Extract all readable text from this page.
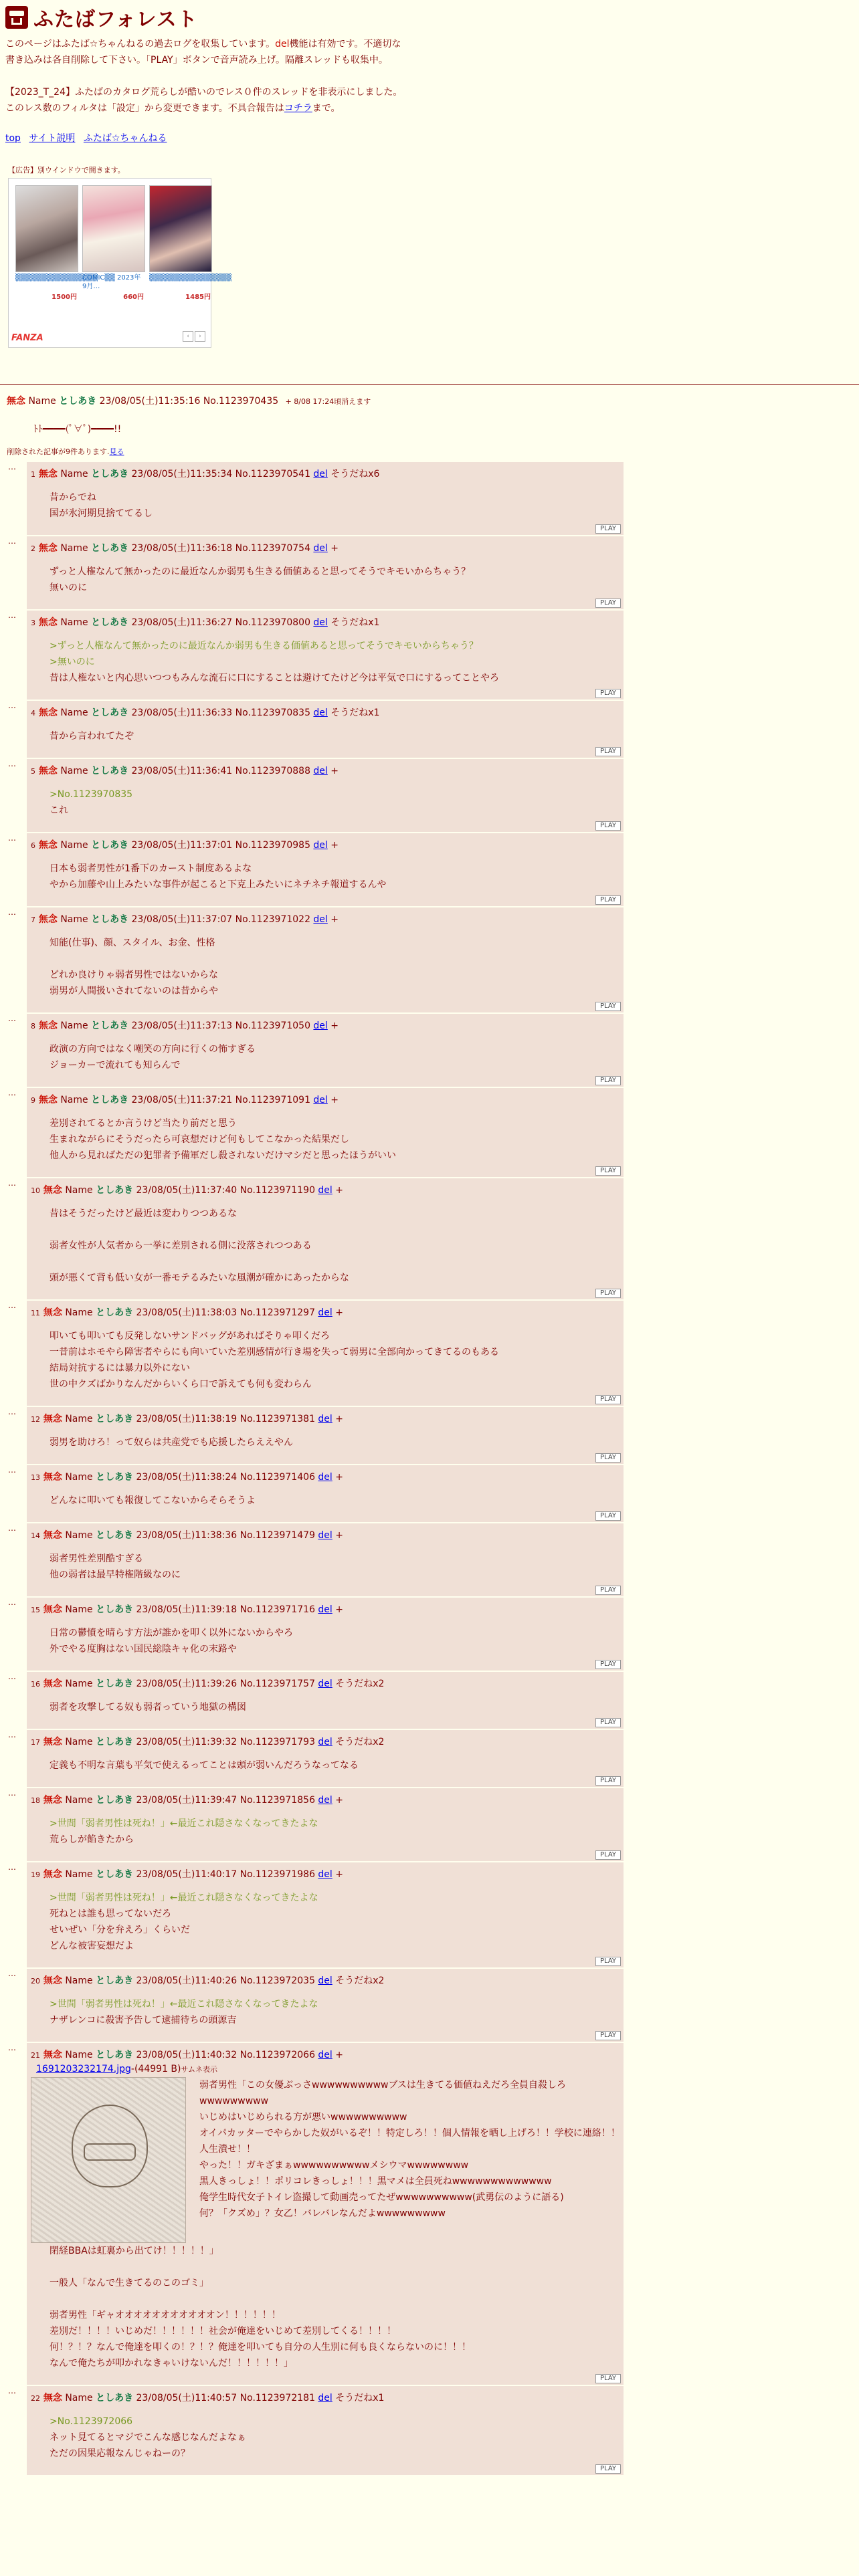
ふたばフォレスト

このページはふたば☆ちゃんねるの過去ログを収集しています。del機能は有効です。不適切な書き込みは各自削除して下さい。「PLAY」ボタンで音声読み上げ。隔離スレッドも収集中。

【2023_T_24】ふたばのカタログ荒らしが酷いのでレス０件のスレッドを非表示にしました。このレス数のフィルタは「設定」から変更できます。不具合報告はコチラまで。

top サイト説明 ふたば☆ちゃんねる
【広告】別ウインドウで開きます。
▒▒▒▒▒▒▒▒▒▒▒▒▒▒▒▒
1500円
COMIC▒▒ 2023年9月…
660円
▒▒▒▒▒▒▒▒▒▒▒▒▒▒▒▒
1485円
FANZA	‹	›
無念 Name としあき 23/08/05(土)11:35:16 No.1123970435 + 8/08 17:24頃消えます
ﾄﾄ━━━━(ﾟ∀ﾟ)━━━━!!
削除された記事が9件あります.見る
…
1 無念 Name としあき 23/08/05(土)11:35:34 No.1123970541 del そうだねx6
昔からでね
国が氷河期見捨ててるし
PLAY
…
2 無念 Name としあき 23/08/05(土)11:36:18 No.1123970754 del +
ずっと人権なんて無かったのに最近なんか弱男も生きる価値あると思ってそうでキモいからちゃう？
無いのに
PLAY
…
3 無念 Name としあき 23/08/05(土)11:36:27 No.1123970800 del そうだねx1
>ずっと人権なんて無かったのに最近なんか弱男も生きる価値あると思ってそうでキモいからちゃう？
>無いのに
昔は人権ないと内心思いつつもみんな流石に口にすることは避けてたけど今は平気で口にするってことやろ
PLAY
…
4 無念 Name としあき 23/08/05(土)11:36:33 No.1123970835 del そうだねx1
昔から言われてたぞ
PLAY
…
5 無念 Name としあき 23/08/05(土)11:36:41 No.1123970888 del +
>No.1123970835
これ
PLAY
…
6 無念 Name としあき 23/08/05(土)11:37:01 No.1123970985 del +
日本も弱者男性が1番下のカースト制度あるよな
やから加藤や山上みたいな事件が起こると下克上みたいにネチネチ報道するんや
PLAY
…
7 無念 Name としあき 23/08/05(土)11:37:07 No.1123971022 del +
知能(仕事)、顔、スタイル、お金、性格

どれか良けりゃ弱者男性ではないからな
弱男が人間扱いされてないのは昔からや
PLAY
…
8 無念 Name としあき 23/08/05(土)11:37:13 No.1123971050 del +
政演の方向ではなく嘲笑の方向に行くの怖すぎる
ジョーカーで流れても知らんで
PLAY
…
9 無念 Name としあき 23/08/05(土)11:37:21 No.1123971091 del +
差別されてるとか言うけど当たり前だと思う
生まれながらにそうだったら可哀想だけど何もしてこなかった結果だし
他人から見ればただの犯罪者予備軍だし殺されないだけマシだと思ったほうがいい
PLAY
…
10 無念 Name としあき 23/08/05(土)11:37:40 No.1123971190 del +
昔はそうだったけど最近は変わりつつあるな

弱者女性が人気者から一挙に差別される側に没落されつつある

頭が悪くて背も低い女が一番モテるみたいな風潮が確かにあったからな
PLAY
…
11 無念 Name としあき 23/08/05(土)11:38:03 No.1123971297 del +
叩いても叩いても反発しないサンドバッグがあればそりゃ叩くだろ
一昔前はホモやら障害者やらにも向いていた差別感情が行き場を失って弱男に全部向かってきてるのもある
結局対抗するには暴力以外にない
世の中クズばかりなんだからいくら口で訴えても何も変わらん
PLAY
…
12 無念 Name としあき 23/08/05(土)11:38:19 No.1123971381 del +
弱男を助けろ！って奴らは共産党でも応援したらええやん
PLAY
…
13 無念 Name としあき 23/08/05(土)11:38:24 No.1123971406 del +
どんなに叩いても報復してこないからそらそうよ
PLAY
…
14 無念 Name としあき 23/08/05(土)11:38:36 No.1123971479 del +
弱者男性差別酷すぎる
他の弱者は最早特権階級なのに
PLAY
…
15 無念 Name としあき 23/08/05(土)11:39:18 No.1123971716 del +
日常の鬱憤を晴らす方法が誰かを叩く以外にないからやろ
外でやる度胸はない国民総陰キャ化の末路や
PLAY
…
16 無念 Name としあき 23/08/05(土)11:39:26 No.1123971757 del そうだねx2
弱者を攻撃してる奴も弱者っていう地獄の構図
PLAY
…
17 無念 Name としあき 23/08/05(土)11:39:32 No.1123971793 del そうだねx2
定義も不明な言葉も平気で使えるってことは頭が弱いんだろうなってなる
PLAY
…
18 無念 Name としあき 23/08/05(土)11:39:47 No.1123971856 del +
>世間「弱者男性は死ね！」←最近これ隠さなくなってきたよな
荒らしが餡きたから
PLAY
…
19 無念 Name としあき 23/08/05(土)11:40:17 No.1123971986 del +
>世間「弱者男性は死ね！」←最近これ隠さなくなってきたよな
死ねとは誰も思ってないだろ
せいぜい「分を弁えろ」くらいだ
どんな被害妄想だよ
PLAY
…
20 無念 Name としあき 23/08/05(土)11:40:26 No.1123972035 del そうだねx2
>世間「弱者男性は死ね！」←最近これ隠さなくなってきたよな
ナザレンコに殺害予告して逮捕待ちの頭源吉
PLAY
…
21 無念 Name としあき 23/08/05(土)11:40:32 No.1123972066 del +
1691203232174.jpg-(44991 B)サムネ表示
弱者男性「この女優ぶっさwwwwwwwwwwブスは生きてる価値ねえだろ全員自殺しろwwwwwwwww
いじめはいじめられる方が悪いwwwwwwwwww
オイパカッターでやらかした奴がいるぞ！！特定しろ！！個人情報を晒し上げろ！！学校に連絡！！人生潰せ！！
やった！！ガキざまぁwwwwwwwwwwメシウマwwwwwwww
黒人きっしょ！！ポリコレきっしょ！！！黒マメは全員死ねwwwwwwwwwwwww
俺学生時代女子トイレ盗撮して動画売ってたぜwwwwwwwwww(武勇伝のように語る)
何？「クズめ」？女乙！バレバレなんだよwwwwwwwww
閉経BBAは虹裏から出てけ！！！！！」

一般人「なんで生きてるのこのゴミ」

弱者男性「ギャオオオオオオオオオオオン！！！！！！
差別だ！！！！いじめだ！！！！！！社会が俺達をいじめて差別してくる！！！！
何！？！？なんで俺達を叩くの！？！？俺達を叩いても自分の人生別に何も良くならないのに！！！
なんで俺たちが叩かれなきゃいけないんだ！！！！！！」
PLAY
…
22 無念 Name としあき 23/08/05(土)11:40:57 No.1123972181 del そうだねx1
>No.1123972066
ネット見てるとマジでこんな感じなんだよなぁ
ただの因果応報なんじゃねーの？
PLAY
